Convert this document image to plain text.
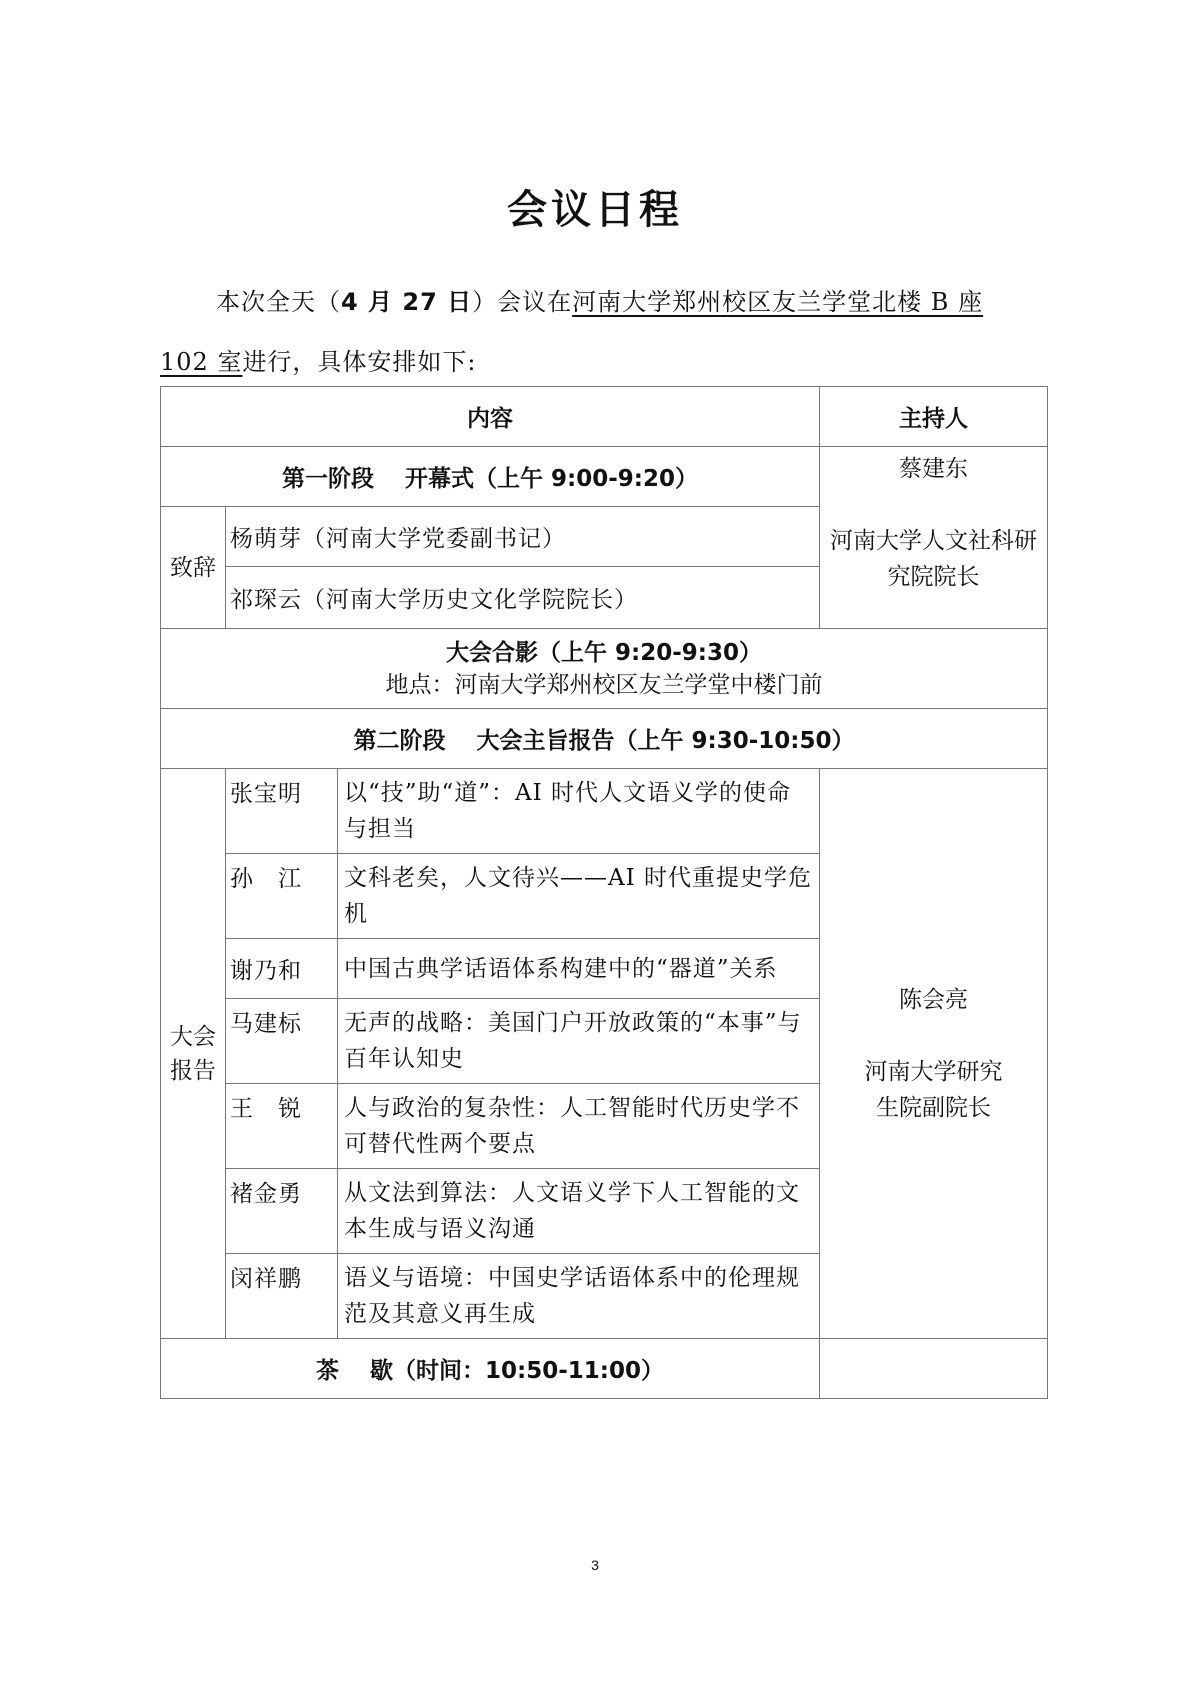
会议日程
本次全天（4 月 27 日）会议在河南大学郑州校区友兰学堂北楼 B 座 102 室进行，具体安排如下:
内容			主持人
第一阶段　 开幕式（上午 9:00-9:20）			蔡建东
河南大学人文社科研究院院长
致辞	杨萌芽（河南大学党委副书记）		
	祁琛云（河南大学历史文化学院院长）		

大会合影（上午 9:20-9:30）
地点：河南大学郑州校区友兰学堂中楼门前			

第二阶段　 大会主旨报告（上午 9:30-10:50）			
大会报告	张宝明	以“技”助“道”：AI 时代人文语义学的使命与担当	陈会亮
河南大学研究生院副院长
	孙　江	文科老矣，人文待兴——AI 时代重提史学危机	
	谢乃和	中国古典学话语体系构建中的“器道”关系	
	马建标	无声的战略：美国门户开放政策的“本事”与百年认知史	
	王　锐	人与政治的复杂性：人工智能时代历史学不可替代性两个要点	
	褚金勇	从文法到算法：人文语义学下人工智能的文本生成与语义沟通	
	闵祥鹏	语义与语境：中国史学话语体系中的伦理规范及其意义再生成	
茶　 歇（时间：10:50-11:00）			
3
